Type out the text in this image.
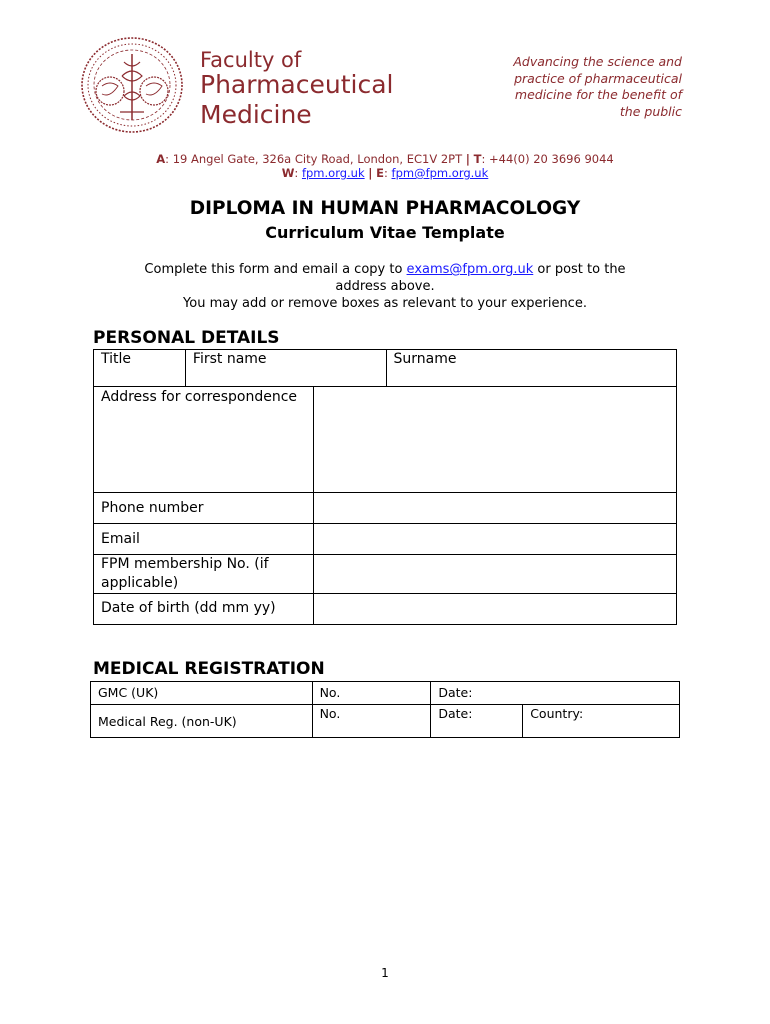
Faculty of
Pharmaceutical
Medicine
Advancing the science and
practice of pharmaceutical
medicine for the benefit of
the public
A: 19 Angel Gate, 326a City Road, London, EC1V 2PT | T: +44(0) 20 3696 9044
W: fpm.org.uk | E: fpm@fpm.org.uk
DIPLOMA IN HUMAN PHARMACOLOGY
Curriculum Vitae Template
Complete this form and email a copy to exams@fpm.org.uk or post to the
address above.
You may add or remove boxes as relevant to your experience.
PERSONAL DETAILS
Title	First name		Surname
Address for correspondence			
Phone number			
Email			
FPM membership No. (if applicable)			
Date of birth (dd mm yy)			
MEDICAL REGISTRATION
GMC (UK)	No.	Date:	
Medical Reg. (non-UK)	No.	Date:	Country:
1
